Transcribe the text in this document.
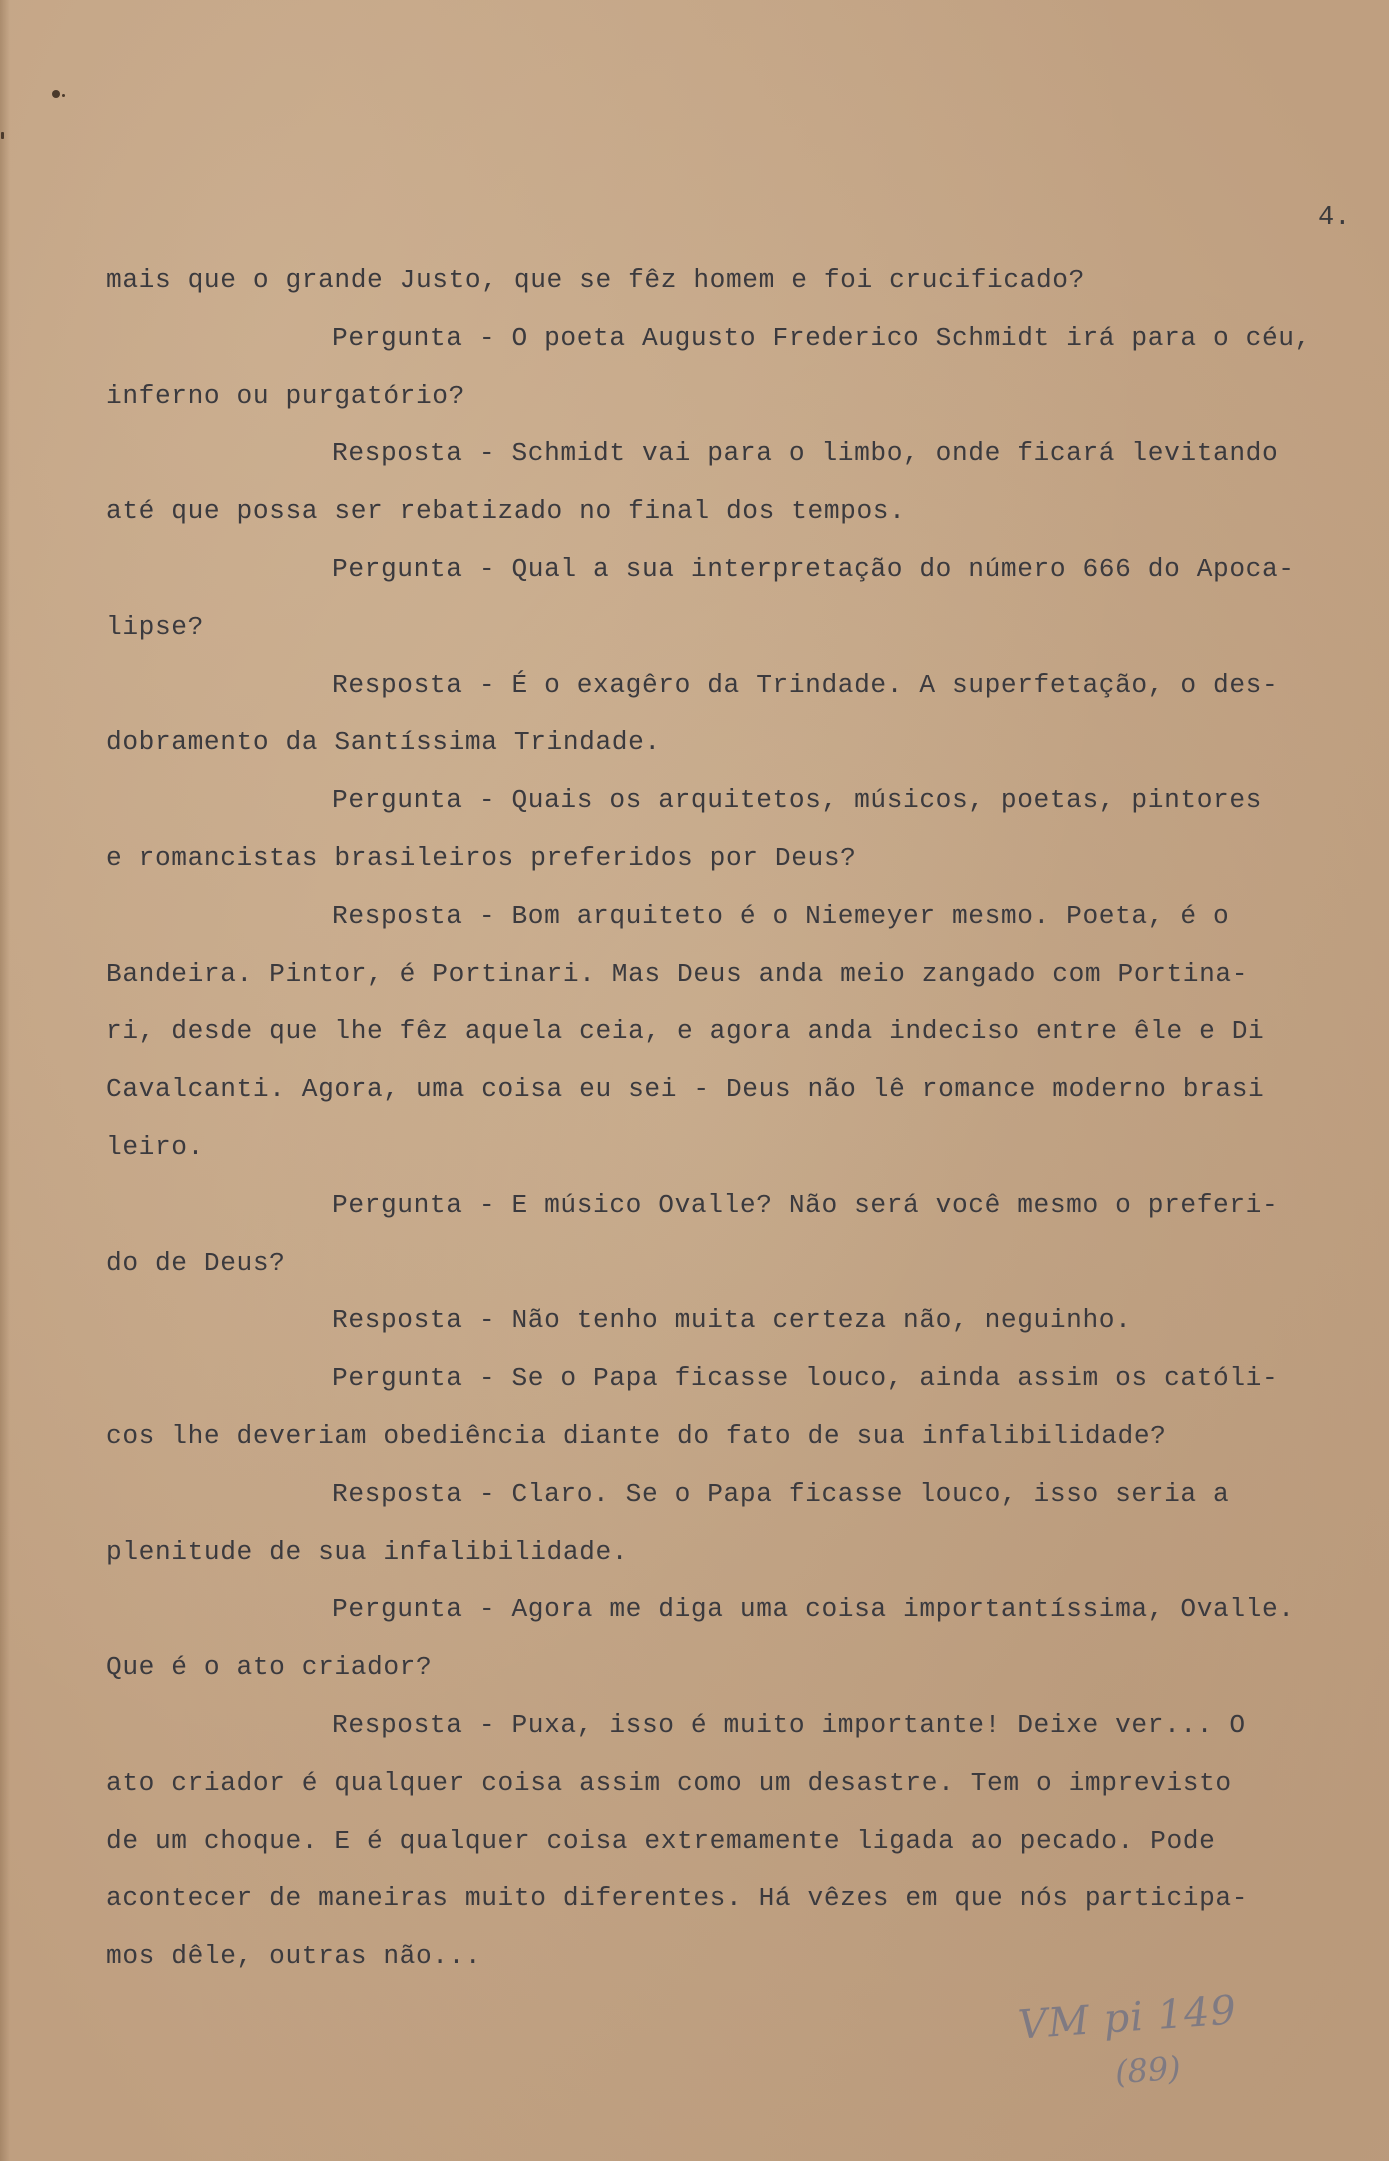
4.

mais que o grande Justo, que se fêz homem e foi crucificado?

Pergunta - O poeta Augusto Frederico Schmidt irá para o céu,

inferno ou purgatório?

Resposta - Schmidt vai para o limbo, onde ficará levitando

até que possa ser rebatizado no final dos tempos.

Pergunta - Qual a sua interpretação do número 666 do Apoca-

lipse?

Resposta - É o exagêro da Trindade. A superfetação, o des-

dobramento da Santíssima Trindade.

Pergunta - Quais os arquitetos, músicos, poetas, pintores

e romancistas brasileiros preferidos por Deus?

Resposta - Bom arquiteto é o Niemeyer mesmo. Poeta, é o

Bandeira. Pintor, é Portinari. Mas Deus anda meio zangado com Portina-

ri, desde que lhe fêz aquela ceia, e agora anda indeciso entre êle e Di

Cavalcanti. Agora, uma coisa eu sei - Deus não lê romance moderno brasi

leiro.

Pergunta - E músico Ovalle? Não será você mesmo o preferi-

do de Deus?

Resposta - Não tenho muita certeza não, neguinho.

Pergunta - Se o Papa ficasse louco, ainda assim os católi-

cos lhe deveriam obediência diante do fato de sua infalibilidade?

Resposta - Claro. Se o Papa ficasse louco, isso seria a

plenitude de sua infalibilidade.

Pergunta - Agora me diga uma coisa importantíssima, Ovalle.

Que é o ato criador?

Resposta - Puxa, isso é muito importante! Deixe ver... O

ato criador é qualquer coisa assim como um desastre. Tem o imprevisto

de um choque. E é qualquer coisa extremamente ligada ao pecado. Pode

acontecer de maneiras muito diferentes. Há vêzes em que nós participa-

mos dêle, outras não...

VM pi 149
(89)
